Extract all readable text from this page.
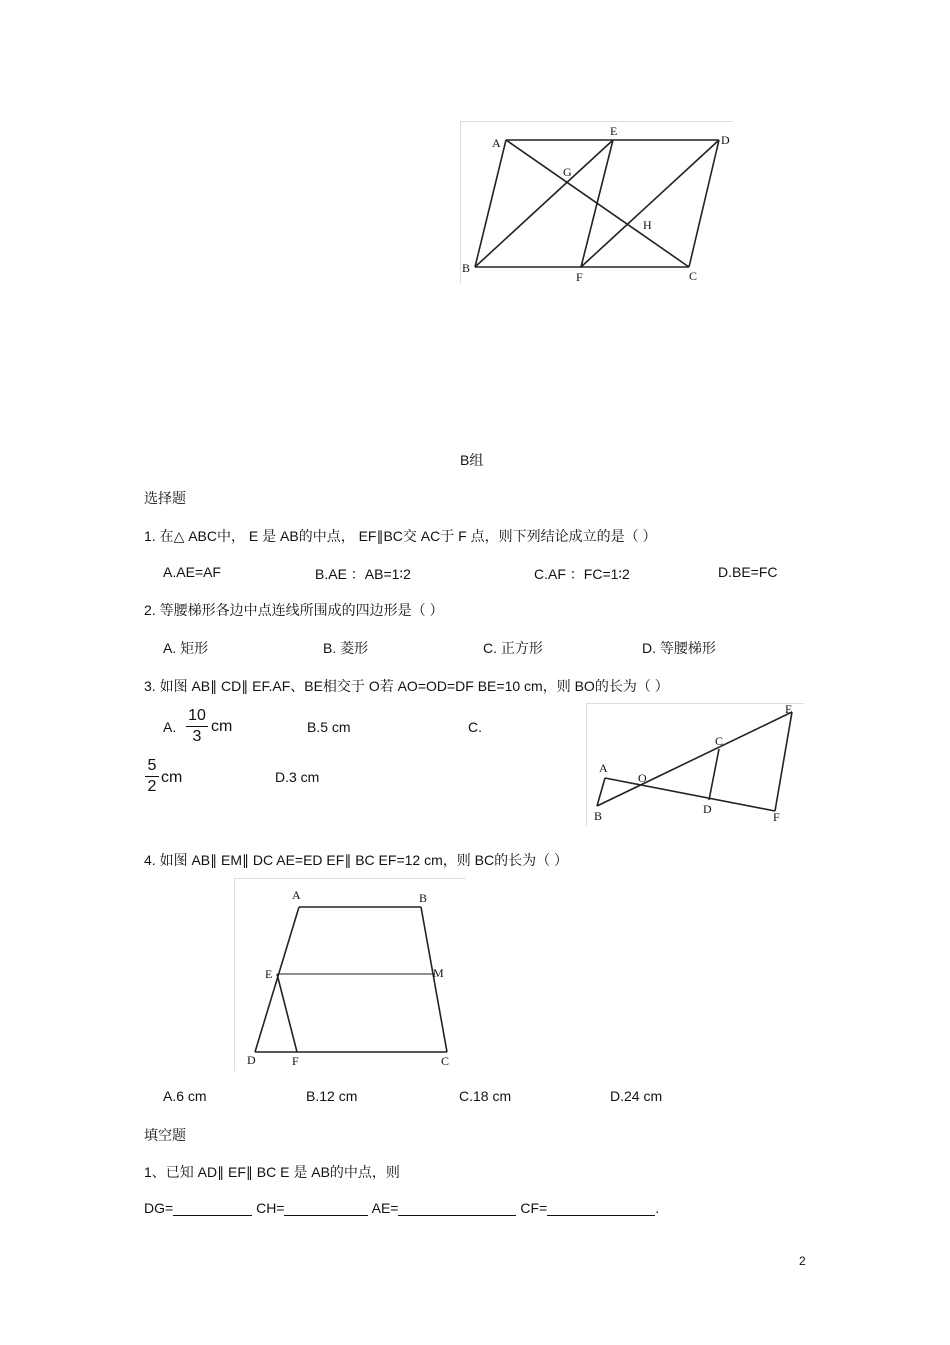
A
E
D
G
H
B
F	C
B组
选择题
1. 在△ ABC中， E 是 AB的中点， EF∥BC交 AC于 F 点，则下列结论成立的是（ ）
A.AE=AF	B.AE ：AB=1∶2	C.AF ：FC=1∶2	D.BE=FC
2. 等腰梯形各边中点连线所围成的四边形是（ ）
A. 矩形	B. 菱形	C. 正方形	D. 等腰梯形
3. 如图 AB∥ CD∥ EF.AF、BE相交于 O若 AO=OD=DF BE=10 cm，则 BO的长为（ ）
A.
10
3
cm	B.5 cm	C.
5
2
cm	D.3 cm
E
C
A
O
B	D
F
4. 如图 AB∥ EM∥ DC AE=ED EF∥ BC EF=12 cm，则 BC的长为（ ）
A	B
E	M
D	F	C
A.6 cm	B.12 cm	C.18 cm	D.24 cm
填空题
1、已知 AD∥ EF∥ BC E 是 AB的中点，则
DG=	CH=	AE=	CF=	.
2
